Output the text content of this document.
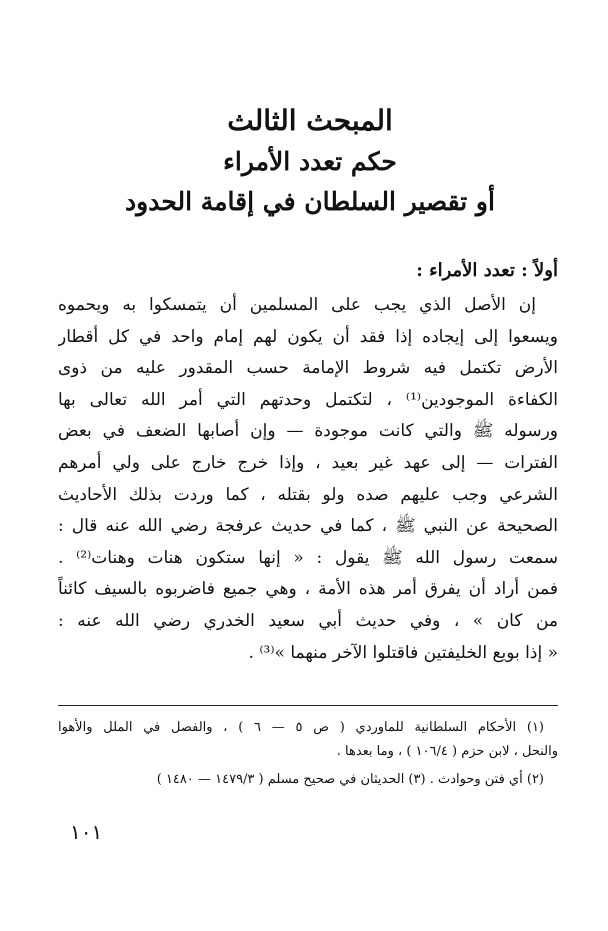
المبحث الثالث
حكم تعدد الأمراء
أو تقصير السلطان في إقامة الحدود
أولاً : تعدد الأمراء :
إن الأصل الذي يجب على المسلمين أن يتمسكوا به ويحموه
ويسعوا إلى إيجاده إذا فقد أن يكون لهم إمام واحد في كل أقطار
الأرض تكتمل فيه شروط الإمامة حسب المقدور عليه من ذوى
الكفاءة الموجودين⁽¹⁾ ، لتكتمل وحدتهم التي أمر الله تعالى بها
ورسوله ﷺ والتي كانت موجودة — وإن أصابها الضعف في بعض
الفترات — إلى عهد غير بعيد ، وإذا خرج خارج على ولي أمرهم
الشرعي وجب عليهم صده ولو بقتله ، كما وردت بذلك الأحاديث
الصحيحة عن النبي ﷺ ، كما في حديث عرفجة رضي الله عنه قال :
سمعت رسول الله ﷺ يقول : « إنها ستكون هنات وهنات⁽²⁾ .
فمن أراد أن يفرق أمر هذه الأمة ، وهي جميع فاضربوه بالسيف كائناً
من كان » ، وفي حديث أبي سعيد الخدري رضي الله عنه :
« إذا بويع الخليفتين فاقتلوا الآخر منهما »⁽³⁾ .
(١) الأحكام السلطانية للماوردي ( ص ٥ — ٦ ) ، والفصل في الملل والأهوا
والنحل ، لابن حزم ( ١٠٦/٤ ) ، وما بعدها .
(٢) أي فتن وحوادث . (٣) الحديثان في صحيح مسلم ( ١٤٧٩/٣ — ١٤٨٠ )
١٠١
